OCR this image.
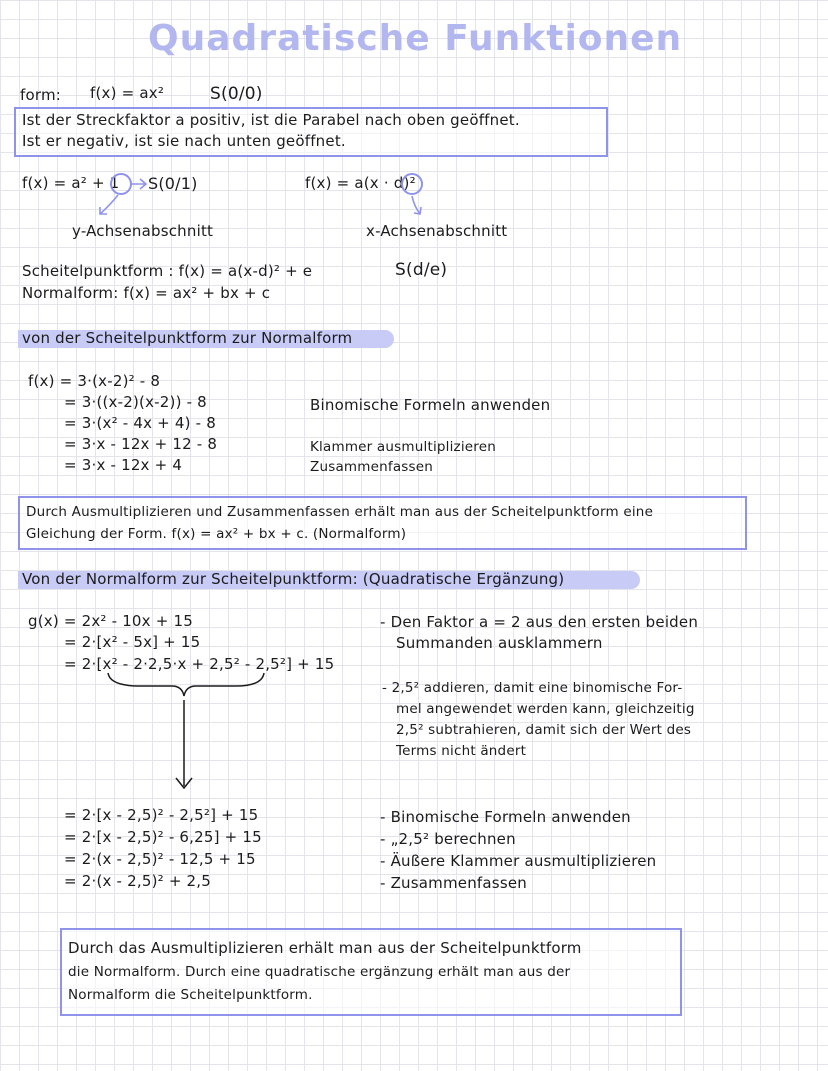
Quadratische Funktionen
form: f(x) = ax²	S(0/0)
Ist der Streckfaktor a positiv, ist die Parabel nach oben geöffnet.
Ist er negativ, ist sie nach unten geöffnet.
f(x) = a² + 1 S(0/1)
y-Achsenabschnitt
f(x) = a(x · d)²
x-Achsenabschnitt
Scheitelpunktform : f(x) = a(x-d)² + e	S(d/e)
Normalform: f(x) = ax² + bx + c
von der Scheitelpunktform zur Normalform
f(x) = 3·(x-2)² - 8
= 3·((x-2)(x-2)) - 8
= 3·(x² - 4x + 4) - 8
= 3·x - 12x + 12 - 8
= 3·x - 12x + 4
Binomische Formeln anwenden
Klammer ausmultiplizieren
Zusammenfassen
Durch Ausmultiplizieren und Zusammenfassen erhält man aus der Scheitelpunktform eine
Gleichung der Form. f(x) = ax² + bx + c. (Normalform)
Von der Normalform zur Scheitelpunktform: (Quadratische Ergänzung)
g(x) = 2x² - 10x + 15
= 2·[x² - 5x] + 15
= 2·[x² - 2·2,5·x + 2,5² - 2,5²] + 15
- Den Faktor a = 2 aus den ersten beiden
Summanden ausklammern
- 2,5² addieren, damit eine binomische For-
mel angewendet werden kann, gleichzeitig
2,5² subtrahieren, damit sich der Wert des
Terms nicht ändert
= 2·[x - 2,5)² - 2,5²] + 15
= 2·[x - 2,5)² - 6,25] + 15
= 2·(x - 2,5)² - 12,5 + 15
= 2·(x - 2,5)² + 2,5
- Binomische Formeln anwenden
- „2,5² berechnen
- Äußere Klammer ausmultiplizieren
- Zusammenfassen
Durch das Ausmultiplizieren erhält man aus der Scheitelpunktform
die Normalform. Durch eine quadratische ergänzung erhält man aus der
Normalform die Scheitelpunktform.
